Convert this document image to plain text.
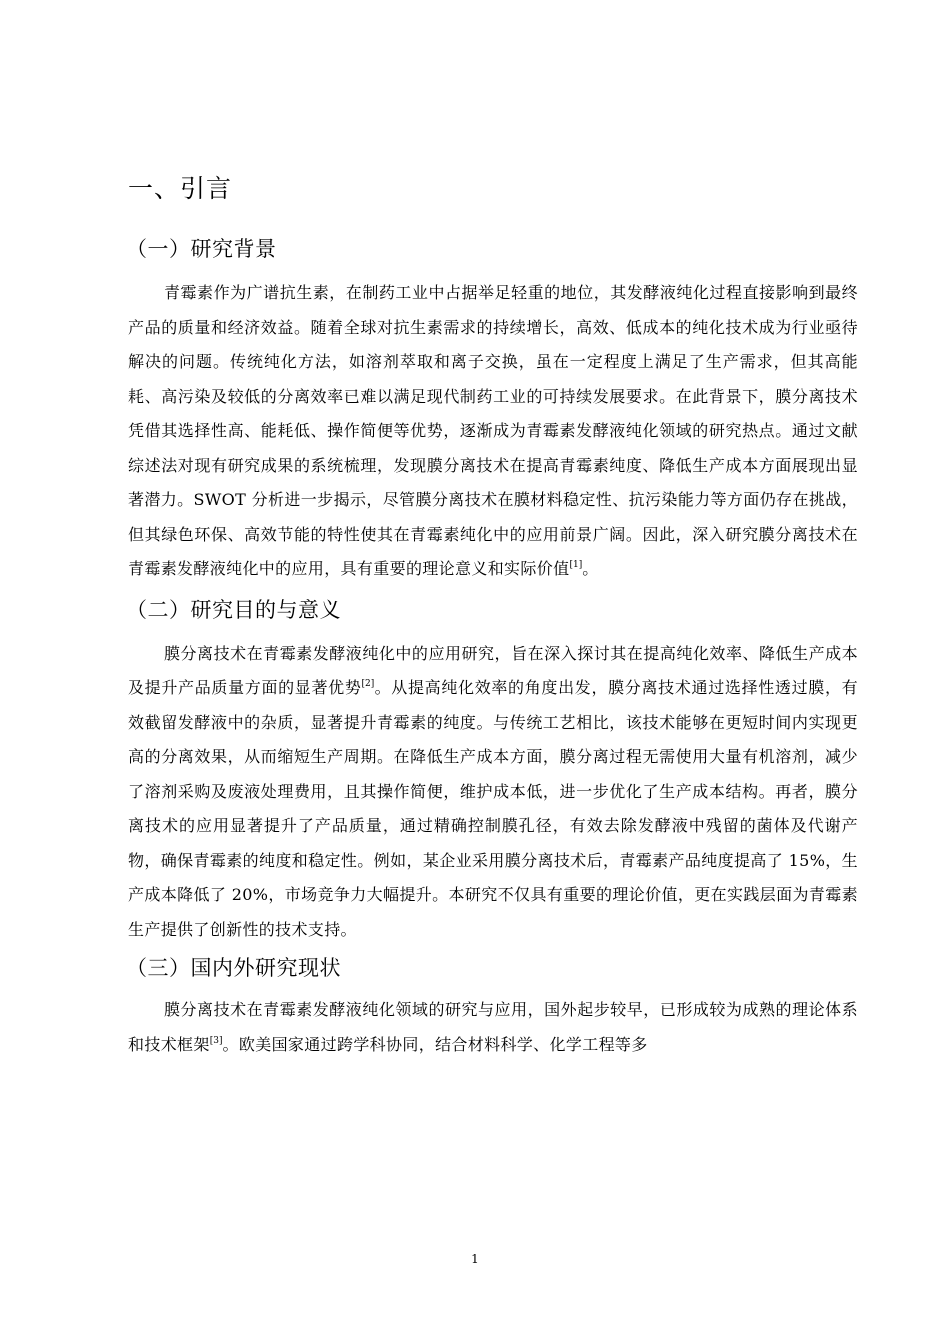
一、引言
（一）研究背景

青霉素作为广谱抗生素，在制药工业中占据举足轻重的地位，其发酵液纯化过程直接影响到最终产品的质量和经济效益。随着全球对抗生素需求的持续增长，高效、低成本的纯化技术成为行业亟待解决的问题。传统纯化方法，如溶剂萃取和离子交换，虽在一定程度上满足了生产需求，但其高能耗、高污染及较低的分离效率已难以满足现代制药工业的可持续发展要求。在此背景下，膜分离技术凭借其选择性高、能耗低、操作简便等优势，逐渐成为青霉素发酵液纯化领域的研究热点。通过文献综述法对现有研究成果的系统梳理，发现膜分离技术在提高青霉素纯度、降低生产成本方面展现出显著潜力。SWOT 分析进一步揭示，尽管膜分离技术在膜材料稳定性、抗污染能力等方面仍存在挑战，但其绿色环保、高效节能的特性使其在青霉素纯化中的应用前景广阔。因此，深入研究膜分离技术在青霉素发酵液纯化中的应用，具有重要的理论意义和实际价值[1]。

（二）研究目的与意义

膜分离技术在青霉素发酵液纯化中的应用研究，旨在深入探讨其在提高纯化效率、降低生产成本及提升产品质量方面的显著优势[2]。从提高纯化效率的角度出发，膜分离技术通过选择性透过膜，有效截留发酵液中的杂质，显著提升青霉素的纯度。与传统工艺相比，该技术能够在更短时间内实现更高的分离效果，从而缩短生产周期。在降低生产成本方面，膜分离过程无需使用大量有机溶剂，减少了溶剂采购及废液处理费用，且其操作简便，维护成本低，进一步优化了生产成本结构。再者，膜分离技术的应用显著提升了产品质量，通过精确控制膜孔径，有效去除发酵液中残留的菌体及代谢产物，确保青霉素的纯度和稳定性。例如，某企业采用膜分离技术后，青霉素产品纯度提高了 15%，生产成本降低了 20%，市场竞争力大幅提升。本研究不仅具有重要的理论价值，更在实践层面为青霉素生产提供了创新性的技术支持。

（三）国内外研究现状

膜分离技术在青霉素发酵液纯化领域的研究与应用，国外起步较早，已形成较为成熟的理论体系和技术框架[3]。欧美国家通过跨学科协同，结合材料科学、化学工程等多

1
